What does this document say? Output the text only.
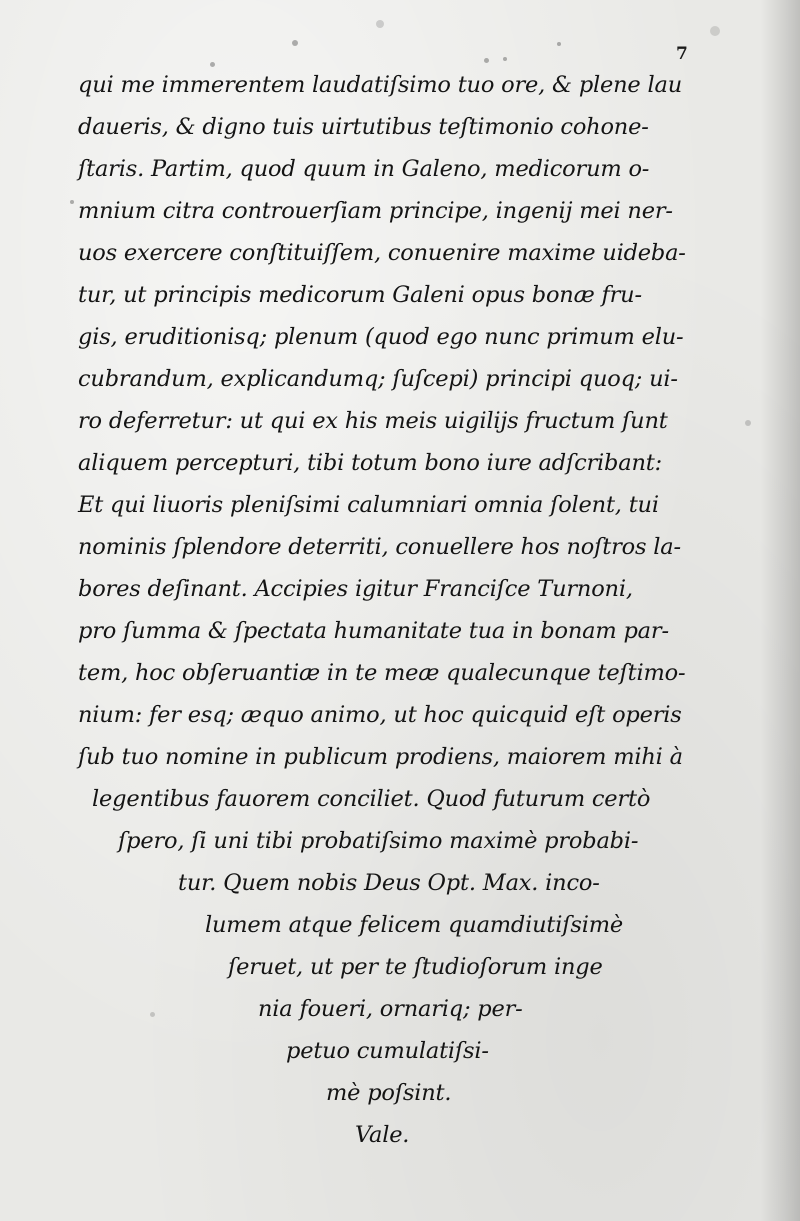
7
qui me immerentem laudatiſsimo tuo ore, & plene lau
daueris, & digno tuis uirtutibus teſtimonio cohone-
ſtaris. Partim, quod quum in Galeno, medicorum o-
mnium citra controuerſiam principe, ingenij mei ner-
uos exercere conſtituiſſem, conuenire maxime uideba-
tur, ut principis medicorum Galeni opus bonæ fru-
gis, eruditionisq; plenum (quod ego nunc primum elu-
cubrandum, explicandumq; ſuſcepi) principi quoq; ui-
ro deferretur: ut qui ex his meis uigilijs fructum ſunt
aliquem percepturi, tibi totum bono iure adſcribant:
Et qui liuoris pleniſsimi calumniari omnia ſolent, tui
nominis ſplendore deterriti, conuellere hos noſtros la-
bores deſinant. Accipies igitur Franciſce Turnoni,
pro ſumma & ſpectata humanitate tua in bonam par-
tem, hoc obſeruantiæ in te meæ qualecunque teſtimo-
nium: fer esq; æquo animo, ut hoc quicquid eſt operis
ſub tuo nomine in publicum prodiens, maiorem mihi à
legentibus fauorem conciliet. Quod futurum certò
ſpero, ſi uni tibi probatiſsimo maximè probabi-
tur. Quem nobis Deus Opt. Max. inco-
lumem atque felicem quamdiutiſsimè
ſeruet, ut per te ſtudioſorum inge
nia foueri, ornariq; per-
petuo cumulatiſsi-
mè poſsint.
Vale.
